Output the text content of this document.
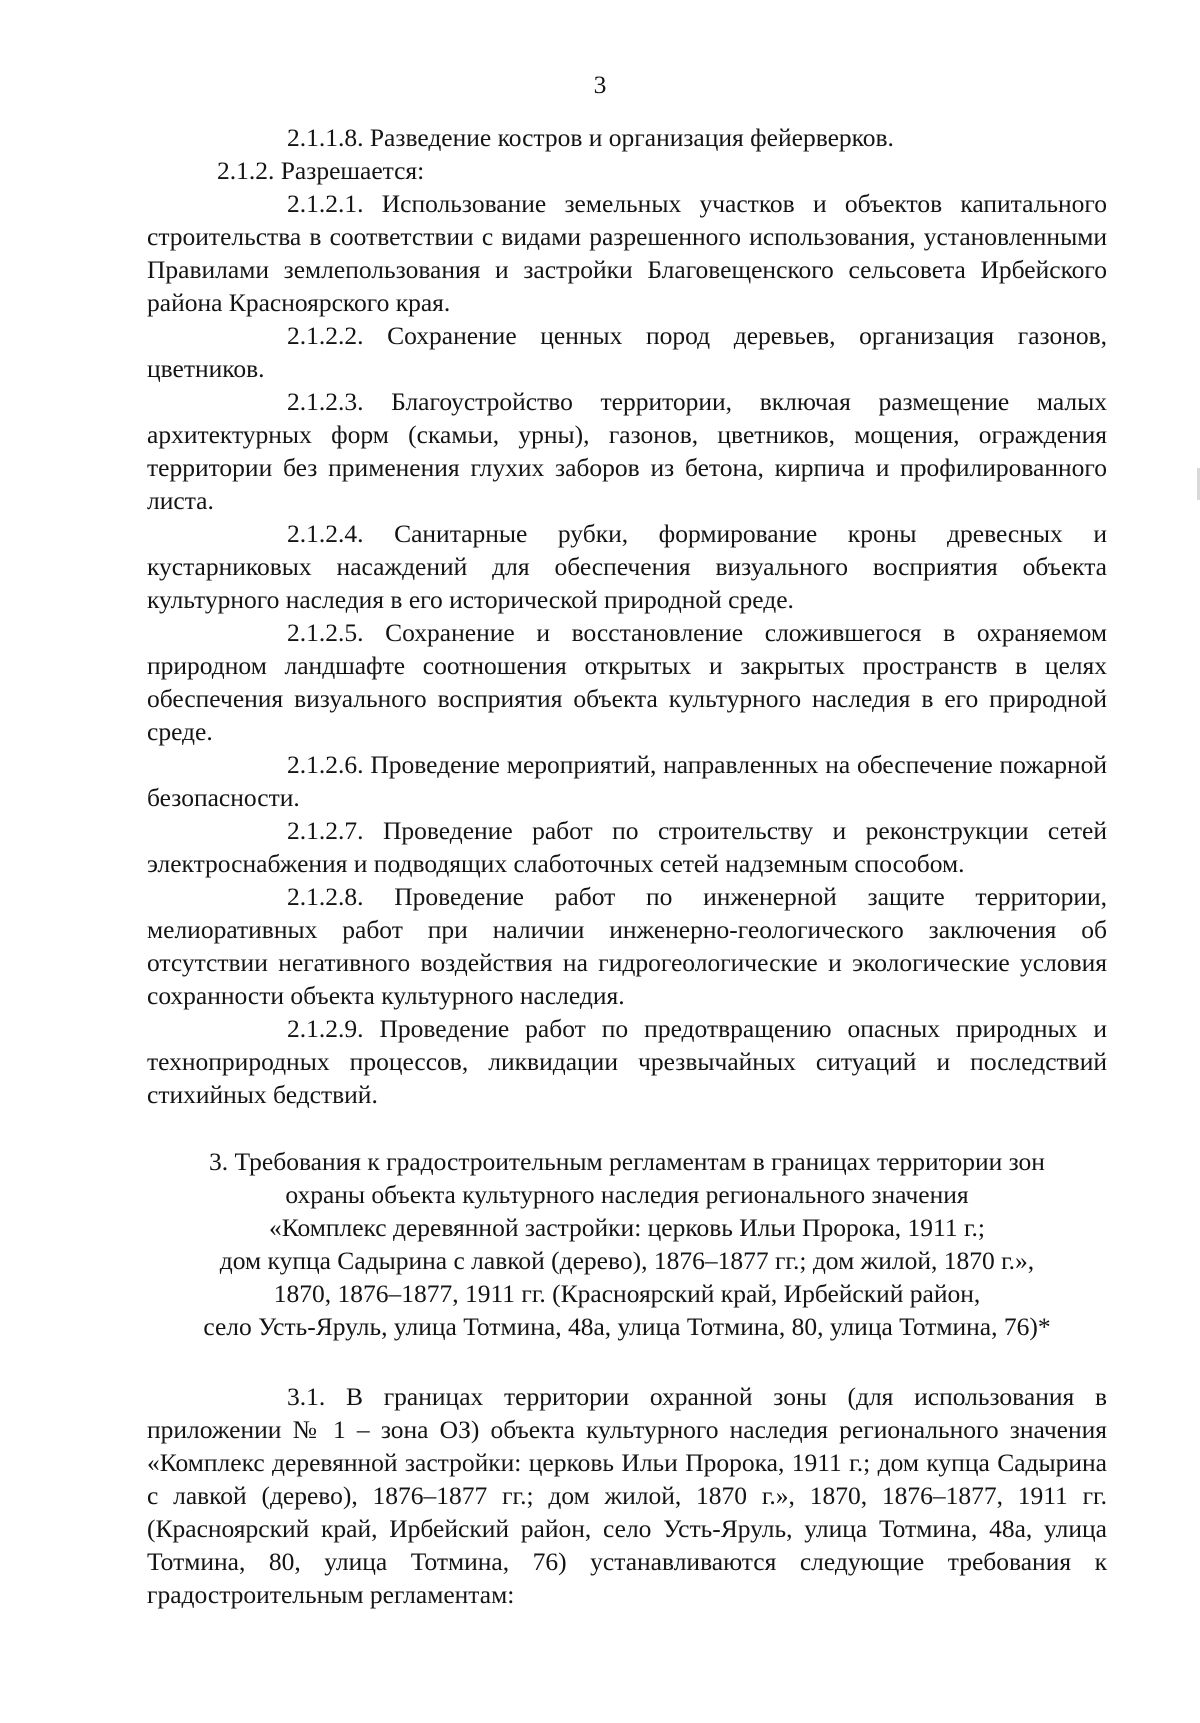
3

2.1.1.8. Разведение костров и организация фейерверков.

2.1.2. Разрешается:

2.1.2.1. Использование земельных участков и объектов капитального строительства в соответствии с видами разрешенного использования, установленными Правилами землепользования и застройки Благовещенского сельсовета Ирбейского района Красноярского края.

2.1.2.2. Сохранение ценных пород деревьев, организация газонов, цветников.

2.1.2.3. Благоустройство территории, включая размещение малых архитектурных форм (скамьи, урны), газонов, цветников, мощения, ограждения территории без применения глухих заборов из бетона, кирпича и профилированного листа.

2.1.2.4. Санитарные рубки, формирование кроны древесных и кустарниковых насаждений для обеспечения визуального восприятия объекта культурного наследия в его исторической природной среде.

2.1.2.5. Сохранение и восстановление сложившегося в охраняемом природном ландшафте соотношения открытых и закрытых пространств в целях обеспечения визуального восприятия объекта культурного наследия в его природной среде.

2.1.2.6. Проведение мероприятий, направленных на обеспечение пожарной безопасности.

2.1.2.7. Проведение работ по строительству и реконструкции сетей электроснабжения и подводящих слаботочных сетей надземным способом.

2.1.2.8. Проведение работ по инженерной защите территории, мелиоративных работ при наличии инженерно-геологического заключения об отсутствии негативного воздействия на гидрогеологические и экологические условия сохранности объекта культурного наследия.

2.1.2.9. Проведение работ по предотвращению опасных природных и техноприродных процессов, ликвидации чрезвычайных ситуаций и последствий стихийных бедствий.

3. Требования к градостроительным регламентам в границах территории зон
охраны объекта культурного наследия регионального значения
«Комплекс деревянной застройки: церковь Ильи Пророка, 1911 г.;
дом купца Садырина с лавкой (дерево), 1876–1877 гг.; дом жилой, 1870 г.»,
1870, 1876–1877, 1911 гг. (Красноярский край, Ирбейский район,
село Усть-Яруль, улица Тотмина, 48а, улица Тотмина, 80, улица Тотмина, 76)*

3.1. В границах территории охранной зоны (для использования в приложении № 1 – зона ОЗ) объекта культурного наследия регионального значения «Комплекс деревянной застройки: церковь Ильи Пророка, 1911 г.; дом купца Садырина с лавкой (дерево), 1876–1877 гг.; дом жилой, 1870 г.», 1870, 1876–1877, 1911 гг. (Красноярский край, Ирбейский район, село Усть-Яруль, улица Тотмина, 48а, улица Тотмина, 80, улица Тотмина, 76) устанавливаются следующие требования к градостроительным регламентам:
